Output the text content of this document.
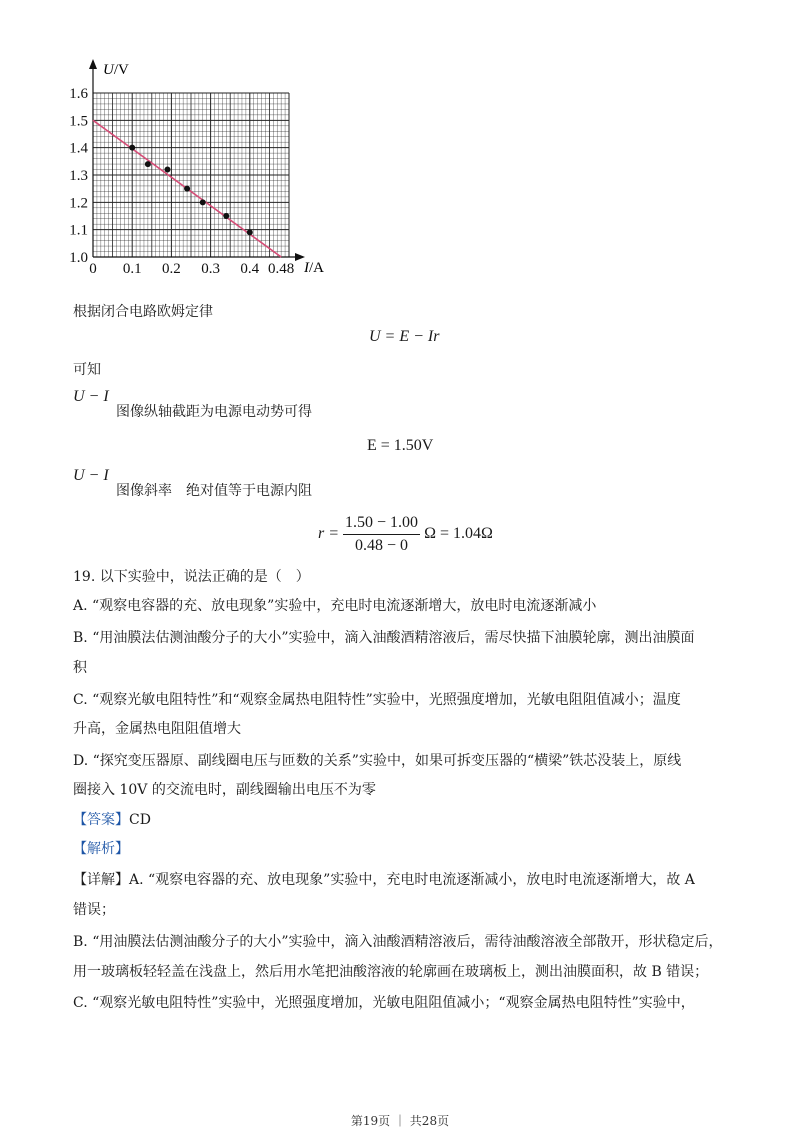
1.0
1.1
1.2
1.3
1.4
1.5
1.6
0 0.1 0.2 0.3 0.4 0.48
U/V
I/A
根据闭合电路欧姆定律
U = E − Ir
可知
U − I
图像纵轴截距为电源电动势可得
E = 1.50V
U − I
图像斜率　绝对值等于电源内阻
$r = \frac{1.50 - 1.00}{0.48 - 0}$ Ω = 1.04Ω
19. 以下实验中，说法正确的是（　）
A. “观察电容器的充、放电现象”实验中，充电时电流逐渐增大，放电时电流逐渐减小
B. “用油膜法估测油酸分子的大小”实验中，滴入油酸酒精溶液后，需尽快描下油膜轮廓，测出油膜面
积
C. “观察光敏电阻特性”和“观察金属热电阻特性”实验中，光照强度增加，光敏电阻阻值减小；温度
升高，金属热电阻阻值增大
D. “探究变压器原、副线圈电压与匝数的关系”实验中，如果可拆变压器的“横梁”铁芯没装上，原线
圈接入 10V 的交流电时，副线圈输出电压不为零
【答案】CD
【解析】
【详解】A. “观察电容器的充、放电现象”实验中，充电时电流逐渐减小，放电时电流逐渐增大，故 A
错误；
B. “用油膜法估测油酸分子的大小”实验中，滴入油酸酒精溶液后，需待油酸溶液全部散开，形状稳定后，
用一玻璃板轻轻盖在浅盘上，然后用水笔把油酸溶液的轮廓画在玻璃板上，测出油膜面积，故 B 错误；
C. “观察光敏电阻特性”实验中，光照强度增加，光敏电阻阻值减小；“观察金属热电阻特性”实验中，
第19页 ｜ 共28页
